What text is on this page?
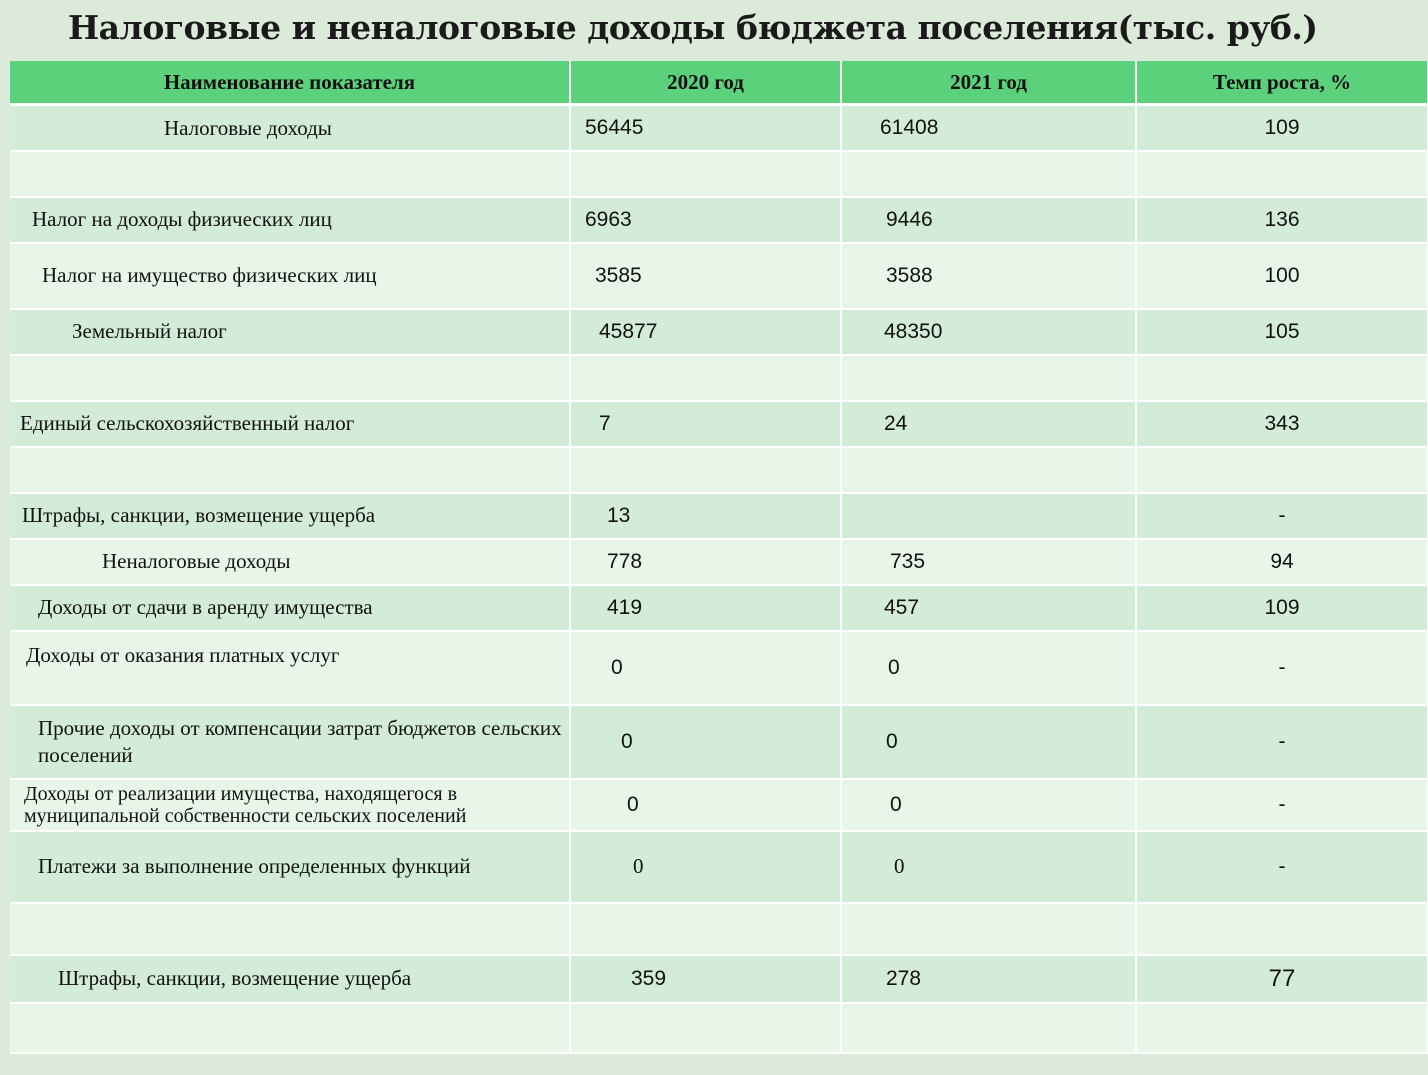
Налоговые и неналоговые доходы бюджета поселения(тыс. руб.)
Наименование показателя	2020 год	2021 год	Темп роста, %
Налоговые доходы	56445	61408	109

Налог на доходы физических лиц	6963	9446	136
Налог на имущество физических лиц	3585	3588	100
Земельный налог	45877	48350	105

Единый сельскохозяйственный налог	7	24	343

Штрафы, санкции, возмещение ущерба	13		-
Неналоговые доходы	778	735	94
Доходы от сдачи в аренду имущества	419	457	109
Доходы от оказания платных услуг	0	0	-
Прочие доходы от компенсации затрат бюджетов сельских поселений	0	0	-
Доходы от реализации имущества, находящегося в муниципальной собственности сельских поселений	0	0	-
Платежи за выполнение определенных функций	0	0	-

Штрафы, санкции, возмещение ущерба	359	278	77
